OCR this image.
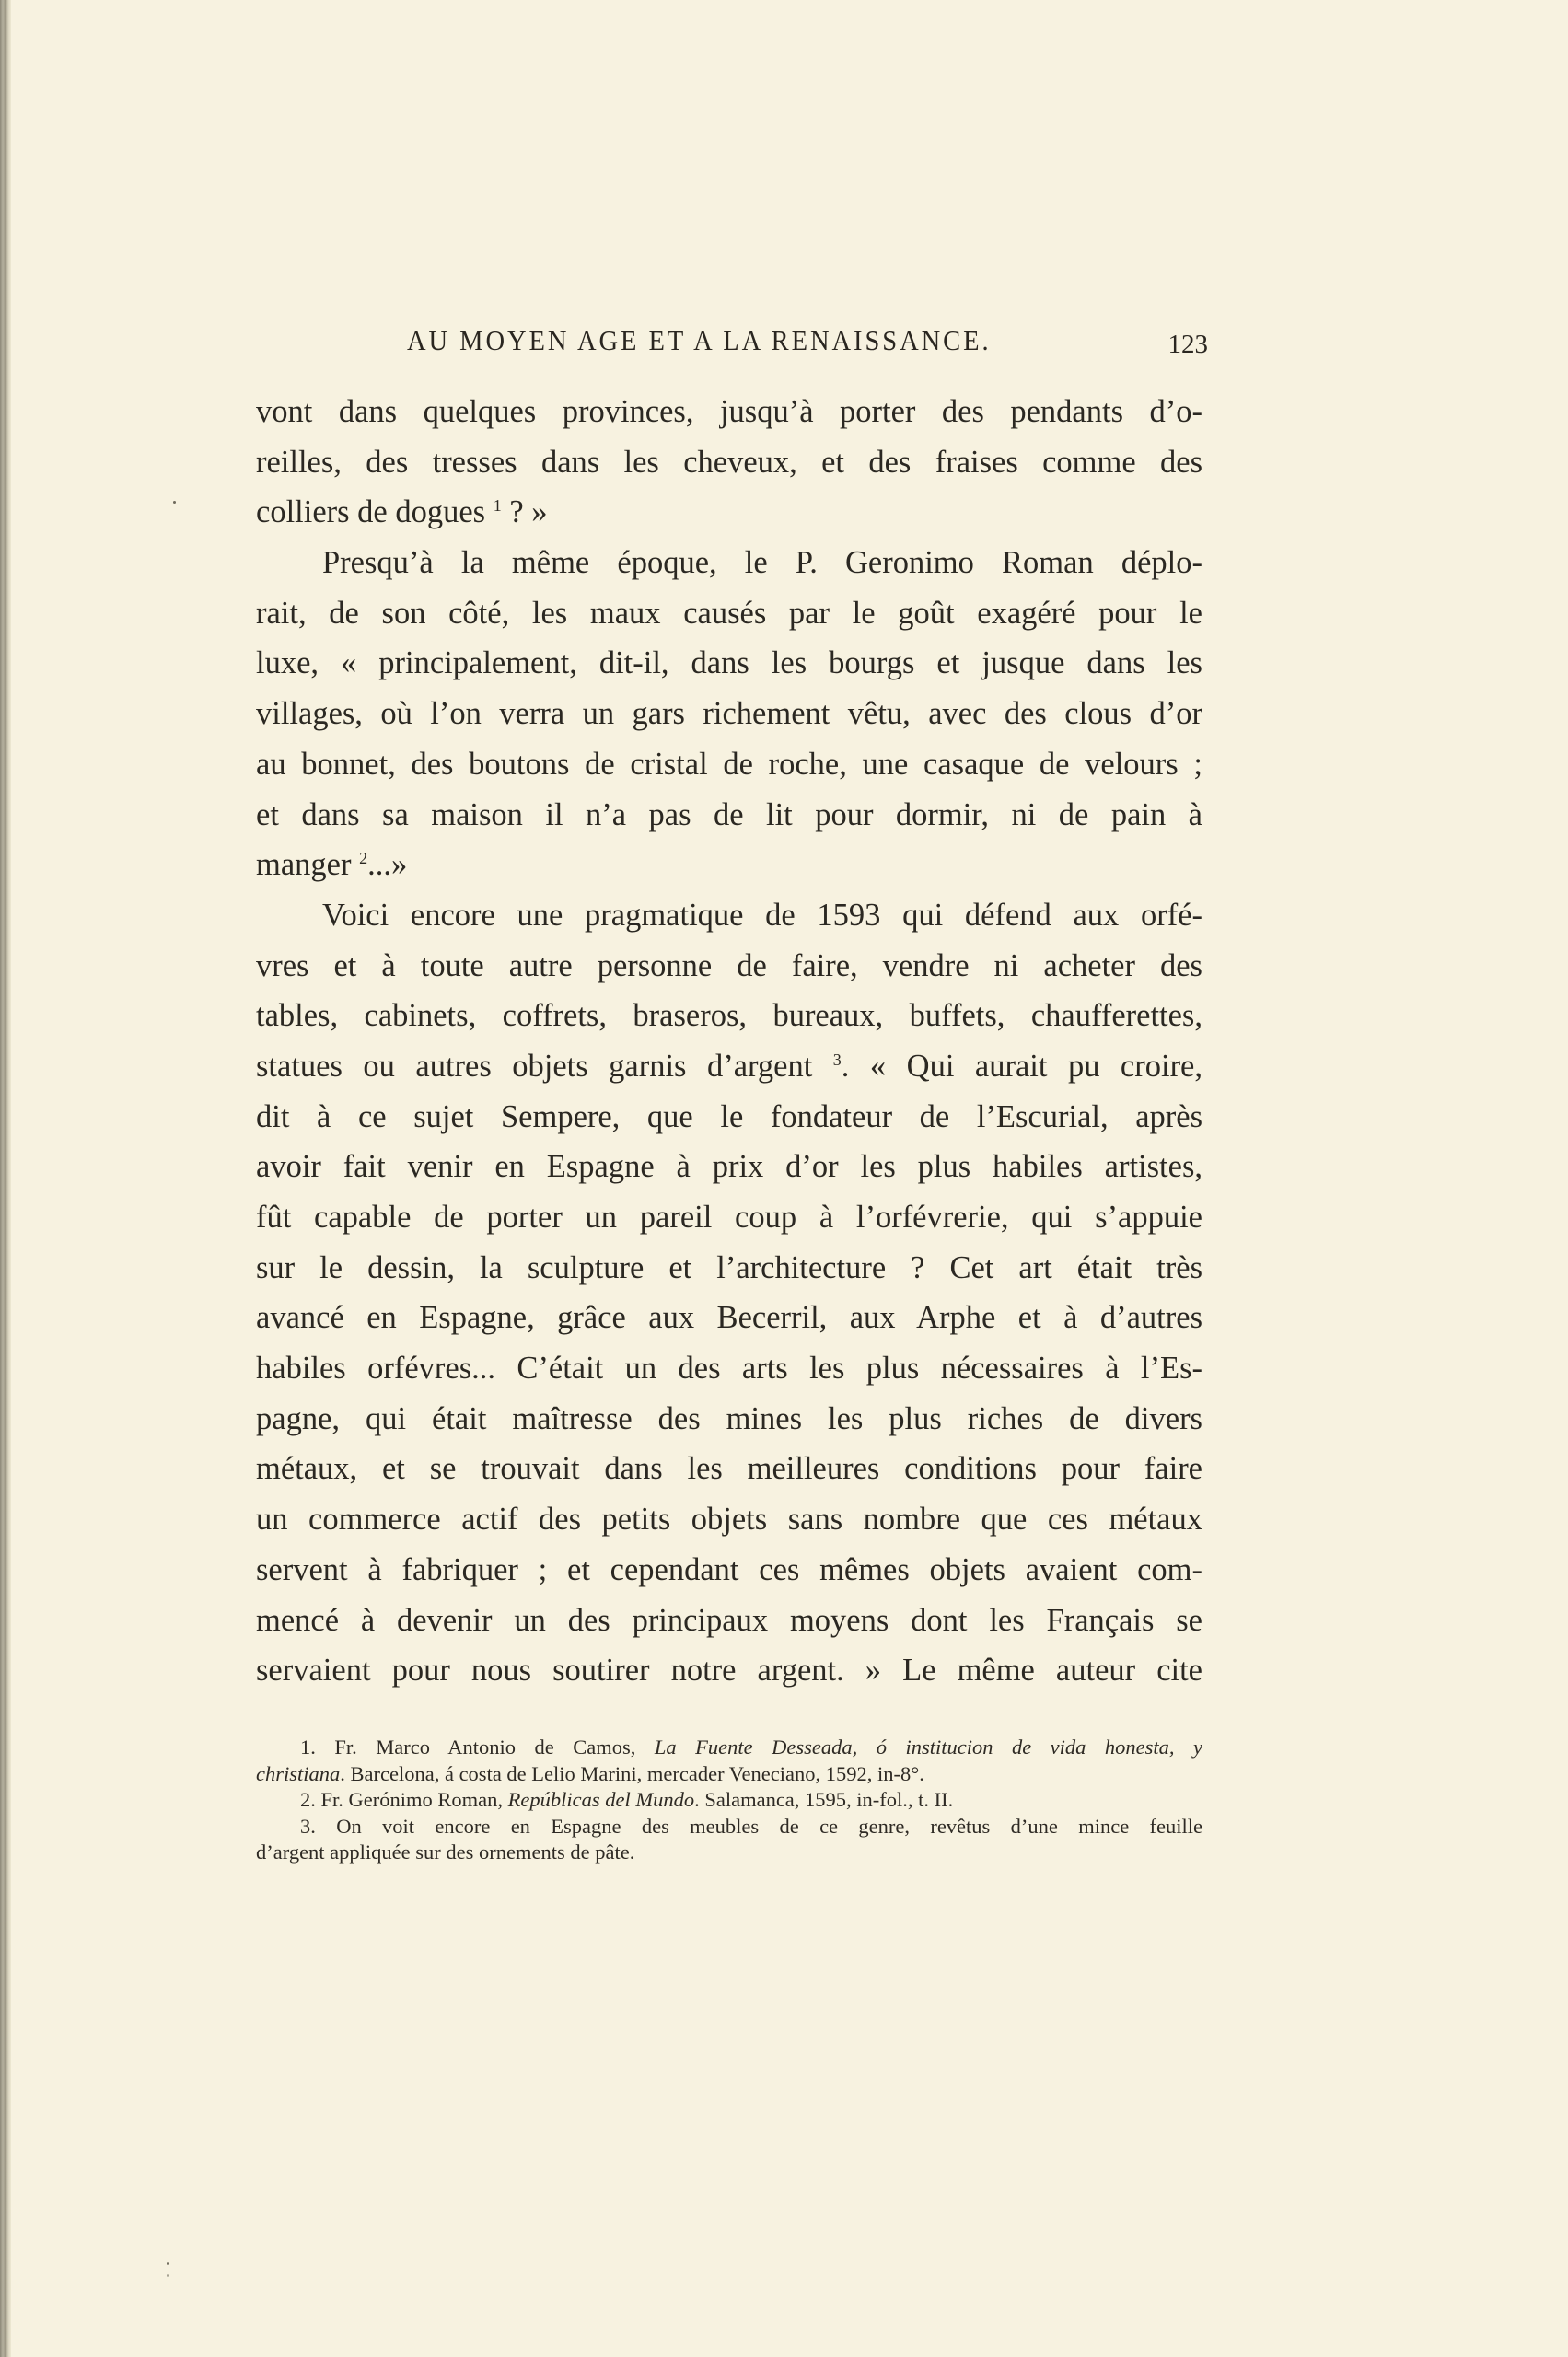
AU MOYEN AGE ET A LA RENAISSANCE.	123
vont dans quelques provinces, jusqu’à porter des pendants d’o-
reilles, des tresses dans les cheveux, et des fraises comme des
colliers de dogues $^1$ ? »
Presqu’à la même époque, le P. Geronimo Roman déplo-
rait, de son côté, les maux causés par le goût exagéré pour le
luxe, « principalement, dit-il, dans les bourgs et jusque dans les
villages, où l’on verra un gars richement vêtu, avec des clous d’or
au bonnet, des boutons de cristal de roche, une casaque de velours ;
et dans sa maison il n’a pas de lit pour dormir, ni de pain à
manger $^2$...»
Voici encore une pragmatique de 1593 qui défend aux orfé-
vres et à toute autre personne de faire, vendre ni acheter des
tables, cabinets, coffrets, braseros, bureaux, buffets, chaufferettes,
statues ou autres objets garnis d’argent $^3$. « Qui aurait pu croire,
dit à ce sujet Sempere, que le fondateur de l’Escurial, après
avoir fait venir en Espagne à prix d’or les plus habiles artistes,
fût capable de porter un pareil coup à l’orfévrerie, qui s’appuie
sur le dessin, la sculpture et l’architecture ? Cet art était très
avancé en Espagne, grâce aux Becerril, aux Arphe et à d’autres
habiles orfévres... C’était un des arts les plus nécessaires à l’Es-
pagne, qui était maîtresse des mines les plus riches de divers
métaux, et se trouvait dans les meilleures conditions pour faire
un commerce actif des petits objets sans nombre que ces métaux
servent à fabriquer ; et cependant ces mêmes objets avaient com-
mencé à devenir un des principaux moyens dont les Français se
servaient pour nous soutirer notre argent. » Le même auteur cite
1. Fr. Marco Antonio de Camos, La Fuente Desseada, ó institucion de vida honesta, y
christiana. Barcelona, á costa de Lelio Marini, mercader Veneciano, 1592, in-8°.
2. Fr. Gerónimo Roman, Repúblicas del Mundo. Salamanca, 1595, in-fol., t. II.
3. On voit encore en Espagne des meubles de ce genre, revêtus d’une mince feuille
d’argent appliquée sur des ornements de pâte.
